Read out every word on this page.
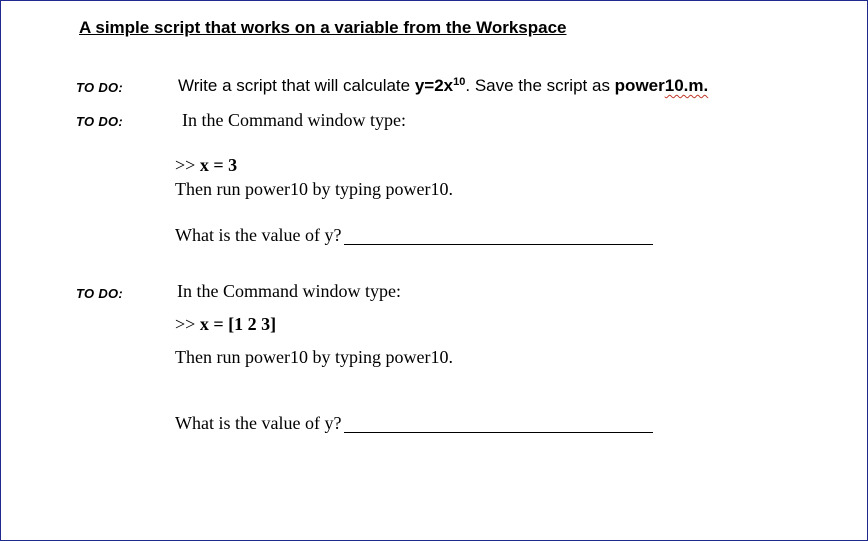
A simple script that works on a variable from the Workspace
TO DO:	Write a script that will calculate $y=2x^{10}$. Save the script as power10.m.
TO DO:	In the Command window type:
>> x = 3
Then run power10 by typing power10.
What is the value of y?
TO DO:	In the Command window type:
>> x = [1 2 3]
Then run power10 by typing power10.
What is the value of y?
